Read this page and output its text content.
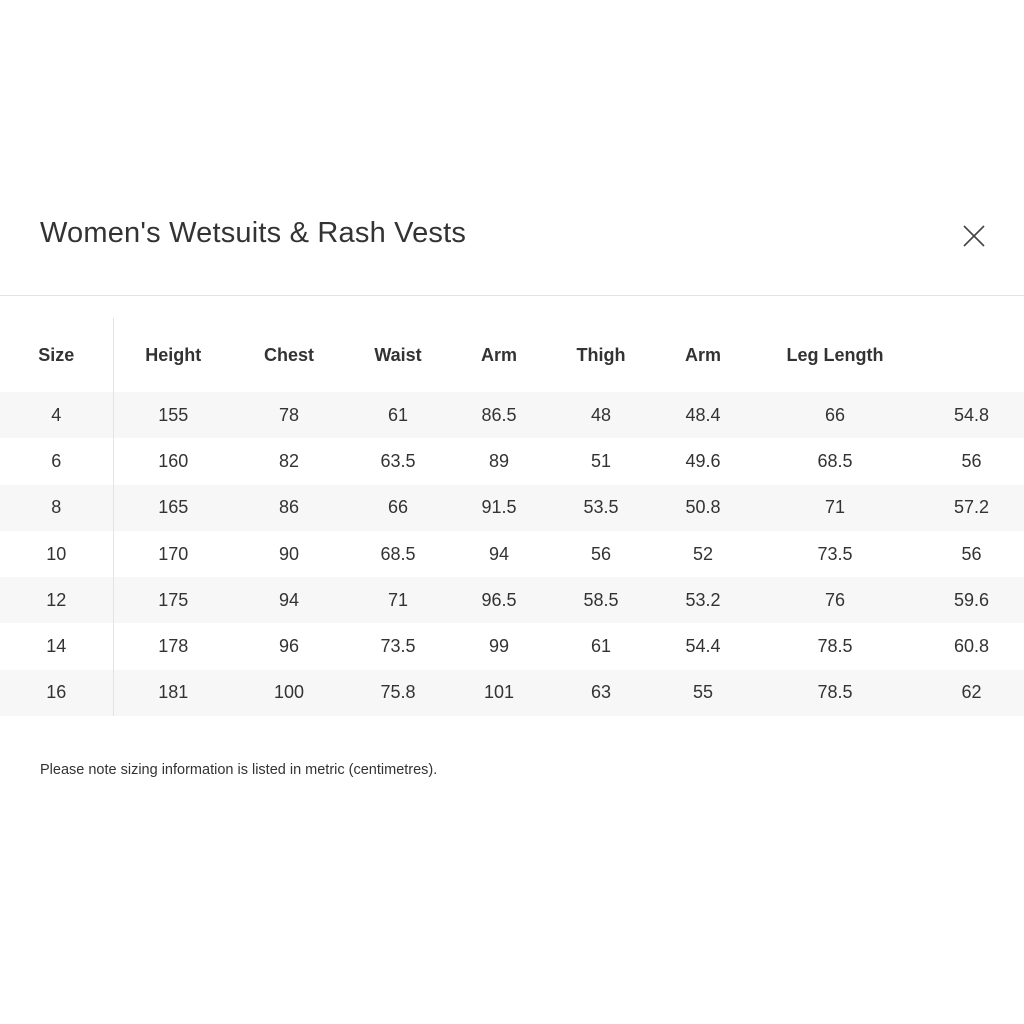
Women's Wetsuits & Rash Vests
Size	Height	Chest	Waist	Arm	Thigh	Arm	Leg Length	
4	155	78	61	86.5	48	48.4	66	54.8
6	160	82	63.5	89	51	49.6	68.5	56
8	165	86	66	91.5	53.5	50.8	71	57.2
10	170	90	68.5	94	56	52	73.5	56
12	175	94	71	96.5	58.5	53.2	76	59.6
14	178	96	73.5	99	61	54.4	78.5	60.8
16	181	100	75.8	101	63	55	78.5	62
Please note sizing information is listed in metric (centimetres).
